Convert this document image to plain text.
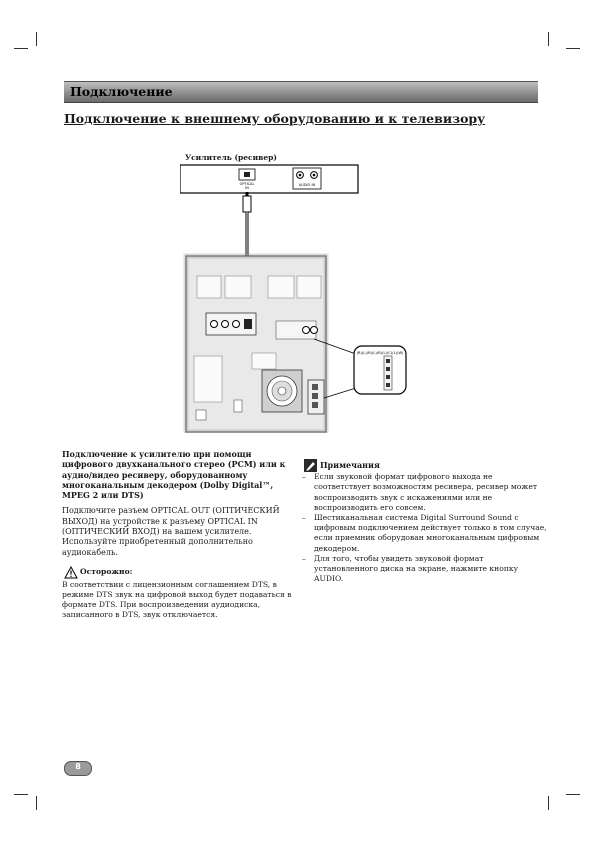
Подключение
Подключение к внешнему оборудованию и к телевизору
OPTICAL
IN
AUDIO IN
(R)(L)(R)(L)(R)(L)(C)(L)(W)
Усилитель (ресивер)
Подключение к усилителю при помощи цифрового двухканального стерео (PCM) или к аудио/видео ресиверу, оборудованному многоканальным декодером (Dolby Digital™, MPEG 2 или DTS)
Подключите разъем OPTICAL OUT (ОПТИЧЕСКИЙ ВЫХОД) на устройстве к разъему OPTICAL IN (ОПТИЧЕСКИЙ ВХОД) на вашем усилителе. Используйте приобретенный дополнительно аудиокабель.
Осторожно:
В соответствии с лицензионным соглашением DTS, в режиме DTS звук на цифровой выход будет подаваться в формате DTS. При воспроизведении аудиодиска, записанного в DTS, звук отключается.
Примечания
– Если звуковой формат цифрового выхода не соответствует возможностям ресивера, ресивер может воспроизводить звук с искажениями или не воспроизводить его совсем.
– Шестиканальная система Digital Surround Sound с цифровым подключением действует только в том случае, если приемник оборудован многоканальным цифровым декодером.
– Для того, чтобы увидеть звуковой формат установленного диска на экране, нажмите кнопку AUDIO.
8
